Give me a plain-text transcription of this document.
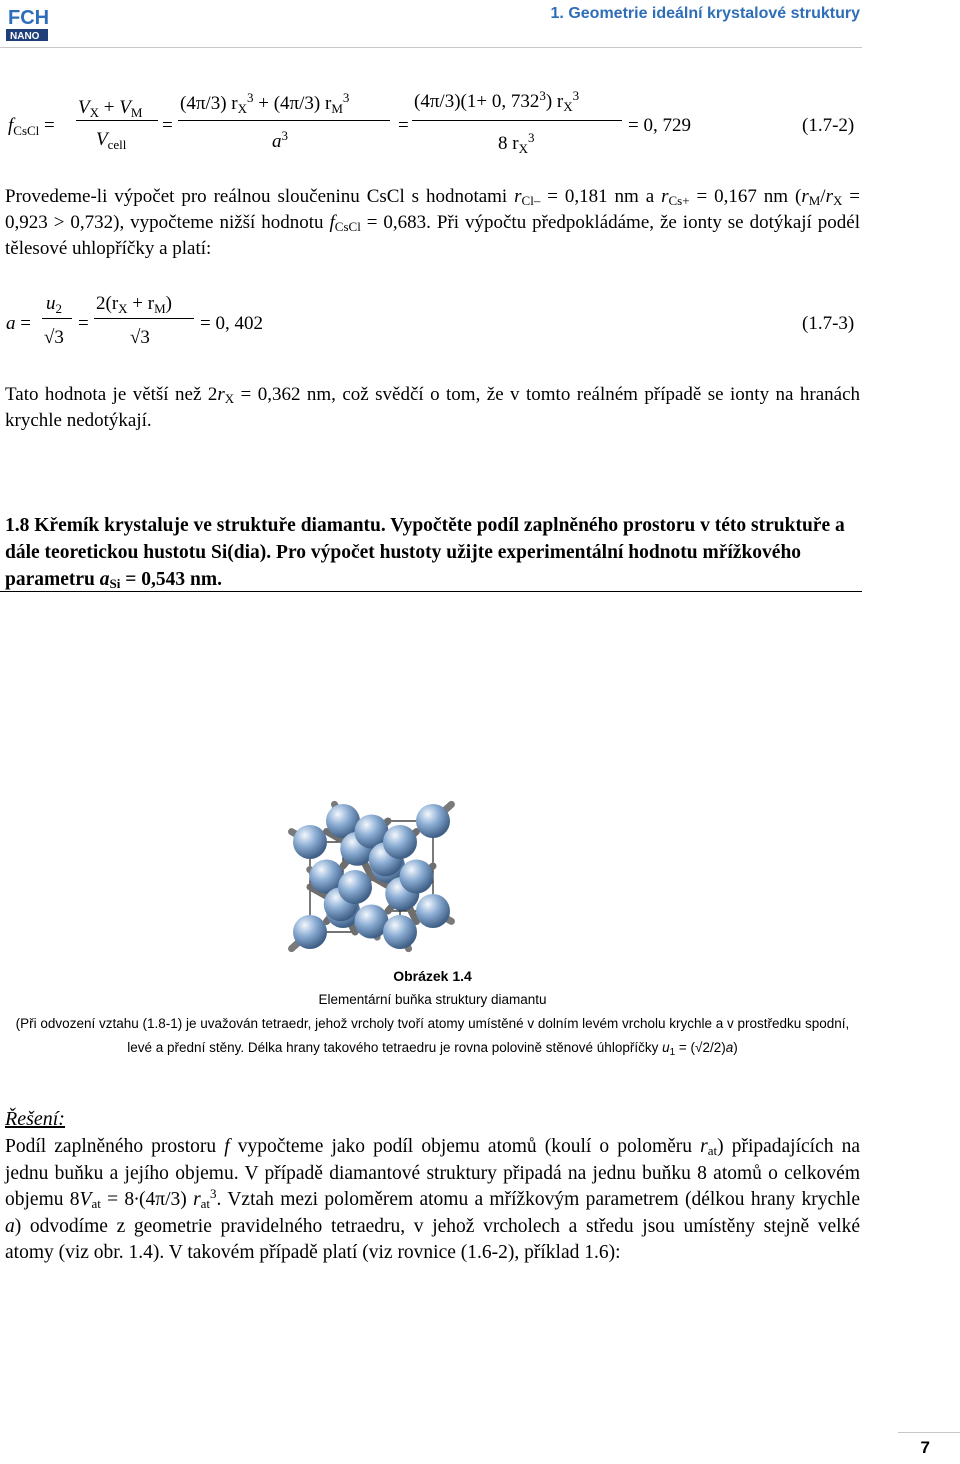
FCH
NANO
1. Geometrie ideální krystalové struktury
$f_{CsCl}$ =
$V_X + V_M$
$V_{cell}$
=
(4π/3) $r_X^3 + (4\pi/3)$ $r_M^3$
$a^3$	=
(4π/3)(1+ 0, $732^3$) $r_X^3$
8 $r_X^3$
= 0, 729	(1.7-2)
Provedeme-li výpočet pro reálnou sloučeninu CsCl s hodnotami $r_{Cl-} = 0,181$ nm a $r_{Cs+} = 0,167$ nm $(r_M/r_X = 0,923 > 0,732)$, vypočteme nižší hodnotu $f_{CsCl} = 0,683$. Při výpočtu předpokládáme, že ionty se dotýkají podél tělesové uhlopříčky a platí:
a =
$u_2$
√3
=
$2(r_X + r_M)$
√3
= 0, 402	(1.7-3)
Tato hodnota je větší než $2r_X = 0,362$ nm, což svědčí o tom, že v tomto reálném případě se ionty na hranách krychle nedotýkají.
1.8 Křemík krystaluje ve struktuře diamantu. Vypočtěte podíl zaplněného prostoru v této struktuře a dále teoretickou hustotu Si(dia). Pro výpočet hustoty užijte experimentální hodnotu mřížkového parametru $a_{Si} = 0,543$ nm.
Obrázek 1.4
Elementární buňka struktury diamantu
(Při odvození vztahu (1.8-1) je uvažován tetraedr, jehož vrcholy tvoří atomy umístěné v dolním levém vrcholu krychle a v prostředku spodní, levé a přední stěny. Délka hrany takového tetraedru je rovna polovině stěnové úhlopříčky $u_1 = (√2/2)a$)
Řešení:
Podíl zaplněného prostoru f vypočteme jako podíl objemu atomů (koulí o poloměru $r_{at}$) připadajících na jednu buňku a jejího objemu. V případě diamantové struktury připadá na jednu buňku 8 atomů o celkovém objemu $8V_{at} = 8\cdot(4\pi/3)$ $r_{at}^3$. Vztah mezi poloměrem atomu a mřížkovým parametrem (délkou hrany krychle a) odvodíme z geometrie pravidelného tetraedru, v jehož vrcholech a středu jsou umístěny stejně velké atomy (viz obr. 1.4). V takovém případě platí (viz rovnice (1.6-2), příklad 1.6):
7
